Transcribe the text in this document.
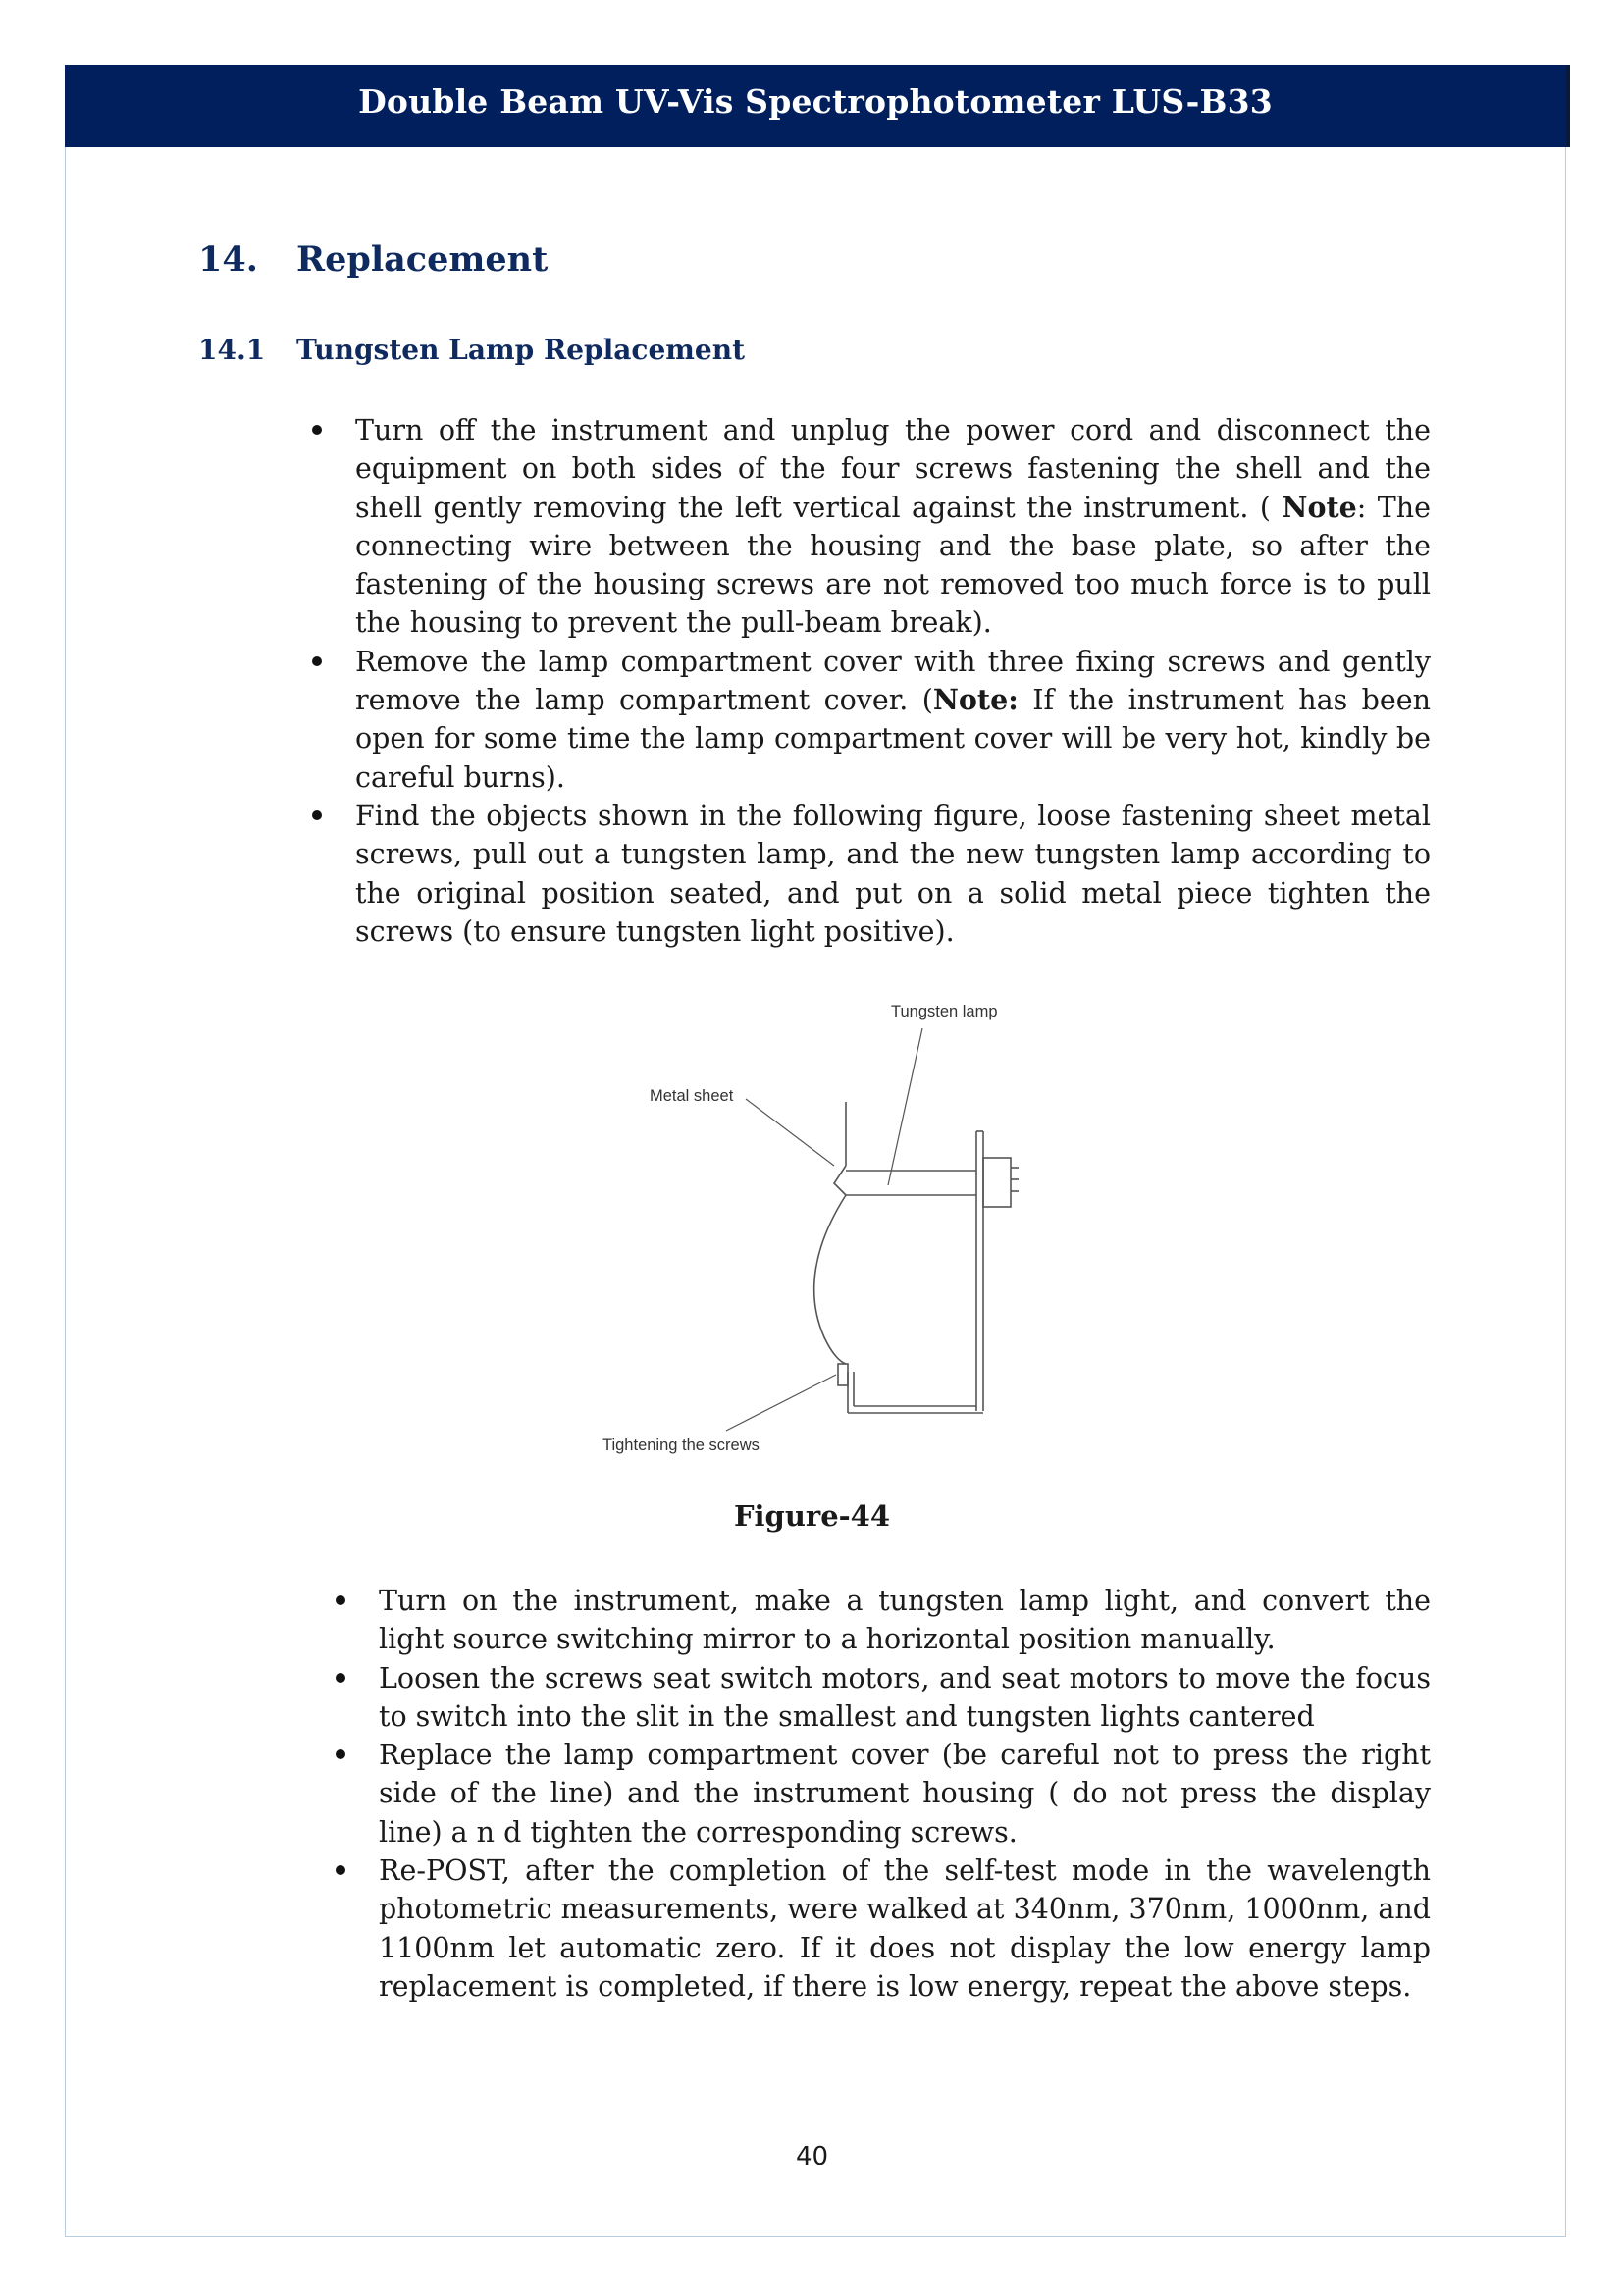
Double Beam UV-Vis Spectrophotometer LUS-B33
14. Replacement
14.1 Tungsten Lamp Replacement
Turn off the instrument and unplug the power cord and disconnect the equipment on both sides of the four screws fastening the shell and the shell gently removing the left vertical against the instrument. ( Note: The connecting wire between the housing and the base plate, so after the fastening of the housing screws are not removed too much force is to pull the housing to prevent the pull-beam break).
Remove the lamp compartment cover with three fixing screws and gently remove the lamp compartment cover. (Note: If the instrument has been open for some time the lamp compartment cover will be very hot, kindly be careful burns).
Find the objects shown in the following figure, loose fastening sheet metal screws, pull out a tungsten lamp, and the new tungsten lamp according to the original position seated, and put on a solid metal piece tighten the screws (to ensure tungsten light positive).
Tungsten lamp
Metal sheet
Tightening the screws
Figure-44
Turn on the instrument, make a tungsten lamp light, and convert the light source switching mirror to a horizontal position manually.
Loosen the screws seat switch motors, and seat motors to move the focus to switch into the slit in the smallest and tungsten lights cantered
Replace the lamp compartment cover (be careful not to press the right side of the line) and the instrument housing ( do not press the display line) a n d tighten the corresponding screws.
Re-POST, after the completion of the self-test mode in the wavelength photometric measurements, were walked at 340nm, 370nm, 1000nm, and 1100nm let automatic zero. If it does not display the low energy lamp replacement is completed, if there is low energy, repeat the above steps.
40
